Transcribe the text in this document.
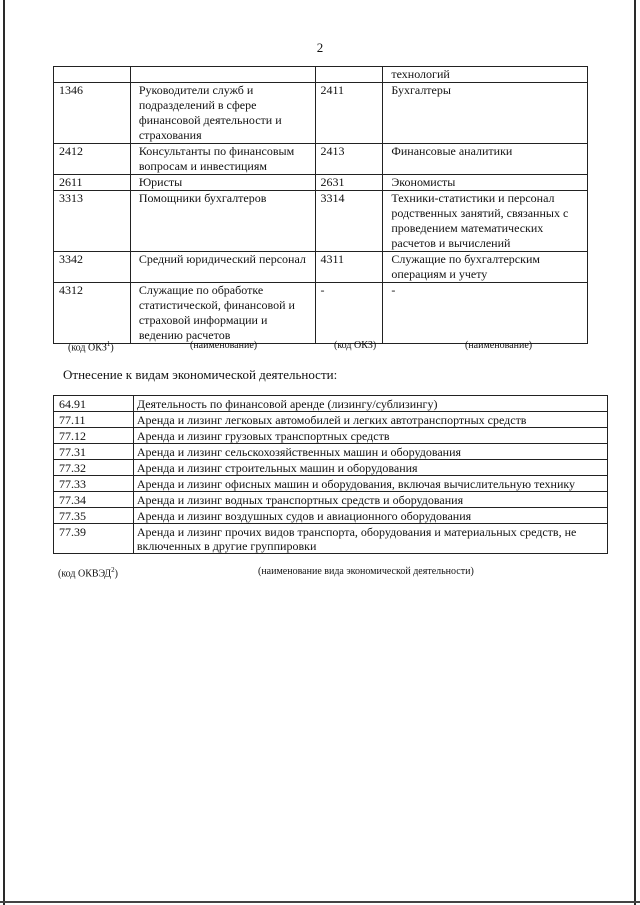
2
			технологий
1346	Руководители служб и подразделений в сфере финансовой деятельности и страхования	2411	Бухгалтеры
2412	Консультанты по финансовым вопросам и инвестициям	2413	Финансовые аналитики
2611	Юристы	2631	Экономисты
3313	Помощники бухгалтеров	3314	Техники-статистики и персонал родственных занятий, связанных с проведением математических расчетов и вычислений
3342	Средний юридический персонал	4311	Служащие по бухгалтерским операциям и учету
4312	Служащие по обработке статистической, финансовой и страховой информации и ведению расчетов	-	-
(код ОКЗ$^1$)	(наименование)	(код ОКЗ)	(наименование)
Отнесение к видам экономической деятельности:
64.91	Деятельность по финансовой аренде (лизингу/сублизингу)
77.11	Аренда и лизинг легковых автомобилей и легких автотранспортных средств
77.12	Аренда и лизинг грузовых транспортных средств
77.31	Аренда и лизинг сельскохозяйственных машин и оборудования
77.32	Аренда и лизинг строительных машин и оборудования
77.33	Аренда и лизинг офисных машин и оборудования, включая вычислительную технику
77.34	Аренда и лизинг водных транспортных средств и оборудования
77.35	Аренда и лизинг воздушных судов и авиационного оборудования
77.39	Аренда и лизинг прочих видов транспорта, оборудования и материальных средств, не включенных в другие группировки
(код ОКВЭД$^2$)	(наименование вида экономической деятельности)
